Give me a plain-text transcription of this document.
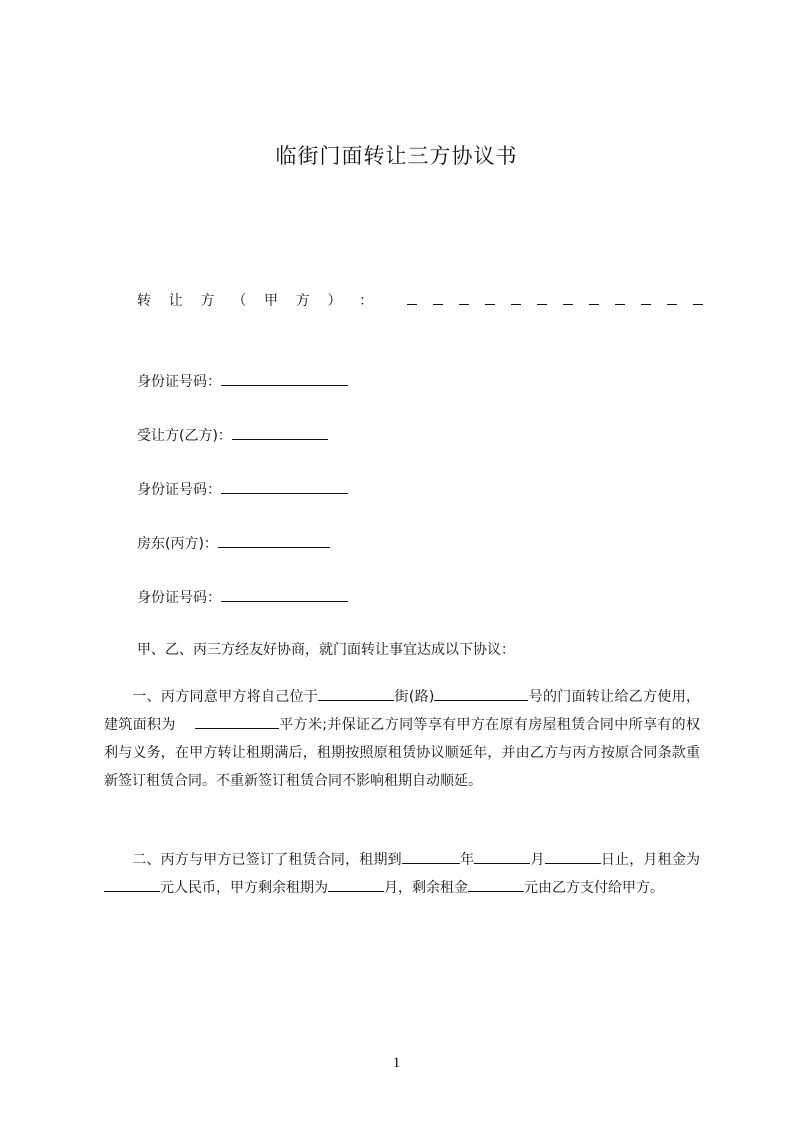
临街门面转让三方协议书
转 让 方 （ 甲 方 ） ：
身份证号码：
受让方(乙方)：
身份证号码：
房东(丙方)：
身份证号码：
甲、乙、丙三方经友好协商，就门面转让事宜达成以下协议：
一、丙方同意甲方将自己位于	街(路)	号的门面转让给乙方使用，建筑面积为	平方米;并保证乙方同等享有甲方在原有房屋租赁合同中所享有的权利与义务，在甲方转让租期满后，租期按照原租赁协议顺延年，并由乙方与丙方按原合同条款重新签订租赁合同。不重新签订租赁合同不影响租期自动顺延。
二、丙方与甲方已签订了租赁合同，租期到	年	月	日止，月租金为元人民币，甲方剩余租期为	月，剩余租金	元由乙方支付给甲方。
1
